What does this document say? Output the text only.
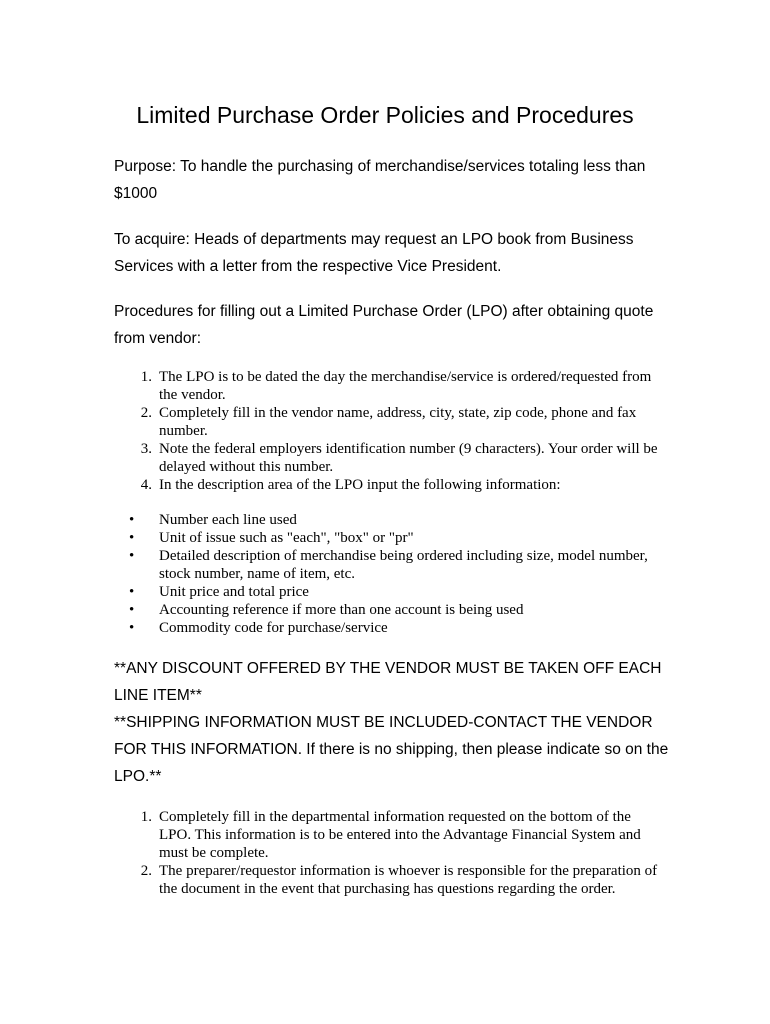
Limited Purchase Order Policies and Procedures
Purpose: To handle the purchasing of merchandise/services totaling less than $1000
To acquire: Heads of departments may request an LPO book from Business Services with a letter from the respective Vice President.
Procedures for filling out a Limited Purchase Order (LPO) after obtaining quote from vendor:
1. The LPO is to be dated the day the merchandise/service is ordered/requested from the vendor.
2. Completely fill in the vendor name, address, city, state, zip code, phone and fax number.
3. Note the federal employers identification number (9 characters). Your order will be delayed without this number.
4. In the description area of the LPO input the following information:
•	Number each line used
•	Unit of issue such as "each", "box" or "pr"
•	Detailed description of merchandise being ordered including size, model number, stock number, name of item, etc.
•	Unit price and total price
•	Accounting reference if more than one account is being used
•	Commodity code for purchase/service
**ANY DISCOUNT OFFERED BY THE VENDOR MUST BE TAKEN OFF EACH LINE ITEM**
**SHIPPING INFORMATION MUST BE INCLUDED-CONTACT THE VENDOR FOR THIS INFORMATION. If there is no shipping, then please indicate so on the LPO.**
1. Completely fill in the departmental information requested on the bottom of the LPO. This information is to be entered into the Advantage Financial System and must be complete.
2. The preparer/requestor information is whoever is responsible for the preparation of the document in the event that purchasing has questions regarding the order.
